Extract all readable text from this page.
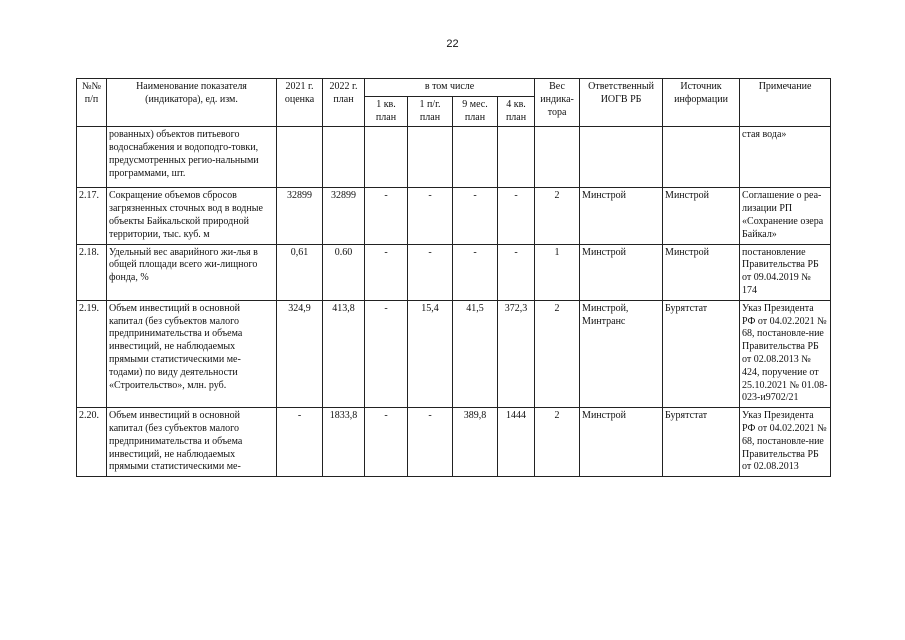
22
№№ п/п	Наименование показателя (индикатора), ед. изм.	2021 г. оценка	2022 г. план	в том числе				Вес индика-тора	Ответственный ИОГВ РБ	Источник информации	Примечание
				1 кв. план	1 п/г. план	9 мес. план	4 кв. план				
	рованных) объектов питьевого водоснабжения и водоподго-товки, предусмотренных регио-нальными программами, шт.										стая вода»
2.17.	Сокращение объемов сбросов загрязненных сточных вод в водные объекты Байкальской природной территории, тыс. куб. м	32899	32899	-	-	-	-	2	Минстрой	Минстрой	Соглашение о реа-лизации РП «Сохранение озера Байкал»
2.18.	Удельный вес аварийного жи-лья в общей площади всего жи-лищного фонда, %	0,61	0.60	-	-	-	-	1	Минстрой	Минстрой	постановление Правительства РБ от 09.04.2019 № 174
2.19.	Объем инвестиций в основной капитал (без субъектов малого предпринимательства и объема инвестиций, не наблюдаемых прямыми статистическими ме-тодами) по виду деятельности «Строительство», млн. руб.	324,9	413,8	-	15,4	41,5	372,3	2	Минстрой, Минтранс	Бурятстат	Указ Президента РФ от 04.02.2021 № 68, постановле-ние Правительства РБ от 02.08.2013 № 424, поручение от 25.10.2021 № 01.08-023-и9702/21
2.20.	Объем инвестиций в основной капитал (без субъектов малого предпринимательства и объема инвестиций, не наблюдаемых прямыми статистическими ме-	-	1833,8	-	-	389,8	1444	2	Минстрой	Бурятстат	Указ Президента РФ от 04.02.2021 № 68, постановле-ние Правительства РБ от 02.08.2013
